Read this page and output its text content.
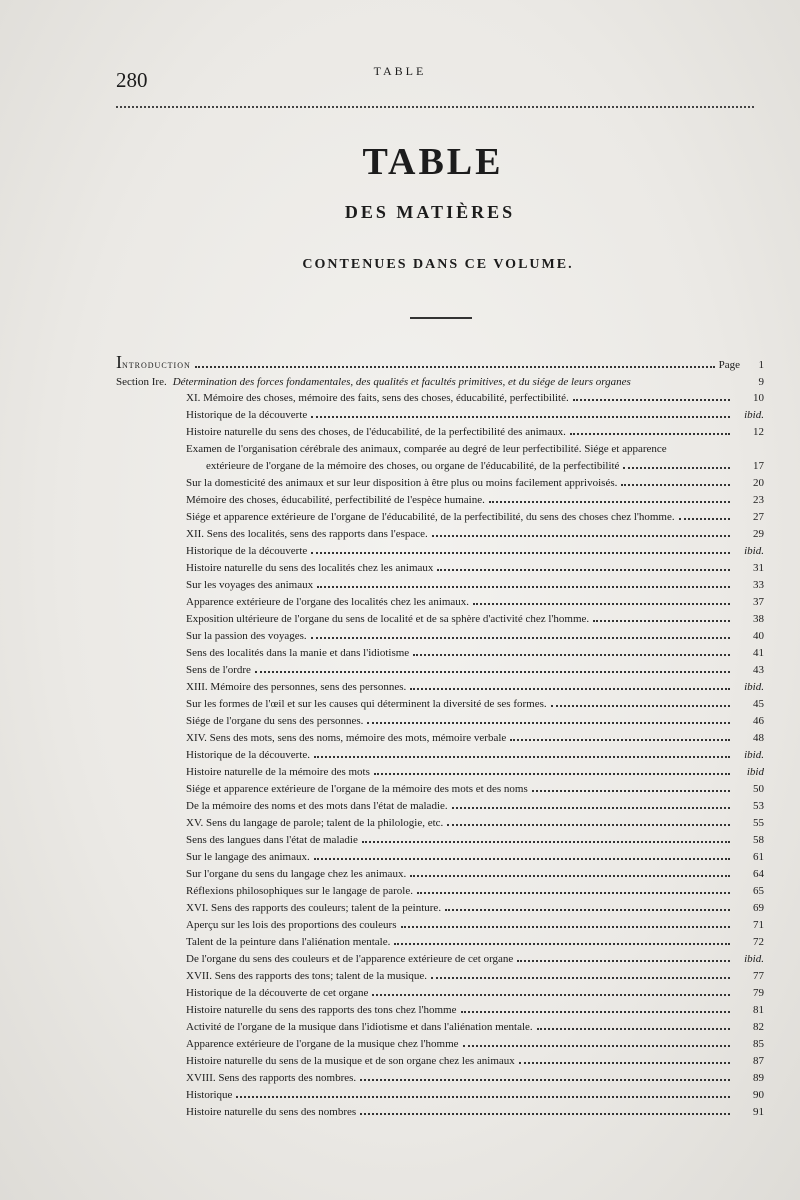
280	TABLE
TABLE
DES MATIÈRES
CONTENUES DANS CE VOLUME.
Introduction	Page	1
Section Ire. Détermination des forces fondamentales, des qualités et facultés primitives, et du siége de leurs organes	9
XI. Mémoire des choses, mémoire des faits, sens des choses, éducabilité, perfectibilité.	10
Historique de la découverte	ibid.
Histoire naturelle du sens des choses, de l'éducabilité, de la perfectibilité des animaux.	12
Examen de l'organisation cérébrale des animaux, comparée au degré de leur perfectibilité. Siége et apparence
extérieure de l'organe de la mémoire des choses, ou organe de l'éducabilité, de la perfectibilité	17
Sur la domesticité des animaux et sur leur disposition à être plus ou moins facilement apprivoisés.	20
Mémoire des choses, éducabilité, perfectibilité de l'espèce humaine.	23
Siége et apparence extérieure de l'organe de l'éducabilité, de la perfectibilité, du sens des choses chez l'homme.	27
XII. Sens des localités, sens des rapports dans l'espace.	29
Historique de la découverte	ibid.
Histoire naturelle du sens des localités chez les animaux	31
Sur les voyages des animaux	33
Apparence extérieure de l'organe des localités chez les animaux.	37
Exposition ultérieure de l'organe du sens de localité et de sa sphère d'activité chez l'homme.	38
Sur la passion des voyages.	40
Sens des localités dans la manie et dans l'idiotisme	41
Sens de l'ordre	43
XIII. Mémoire des personnes, sens des personnes.	ibid.
Sur les formes de l'œil et sur les causes qui déterminent la diversité de ses formes.	45
Siége de l'organe du sens des personnes.	46
XIV. Sens des mots, sens des noms, mémoire des mots, mémoire verbale	48
Historique de la découverte.	ibid.
Histoire naturelle de la mémoire des mots	ibid
Siége et apparence extérieure de l'organe de la mémoire des mots et des noms	50
De la mémoire des noms et des mots dans l'état de maladie.	53
XV. Sens du langage de parole; talent de la philologie, etc.	55
Sens des langues dans l'état de maladie	58
Sur le langage des animaux.	61
Sur l'organe du sens du langage chez les animaux.	64
Réflexions philosophiques sur le langage de parole.	65
XVI. Sens des rapports des couleurs; talent de la peinture.	69
Aperçu sur les lois des proportions des couleurs	71
Talent de la peinture dans l'aliénation mentale.	72
De l'organe du sens des couleurs et de l'apparence extérieure de cet organe	ibid.
XVII. Sens des rapports des tons; talent de la musique.	77
Historique de la découverte de cet organe	79
Histoire naturelle du sens des rapports des tons chez l'homme	81
Activité de l'organe de la musique dans l'idiotisme et dans l'aliénation mentale.	82
Apparence extérieure de l'organe de la musique chez l'homme	85
Histoire naturelle du sens de la musique et de son organe chez les animaux	87
XVIII. Sens des rapports des nombres.	89
Historique	90
Histoire naturelle du sens des nombres	91
